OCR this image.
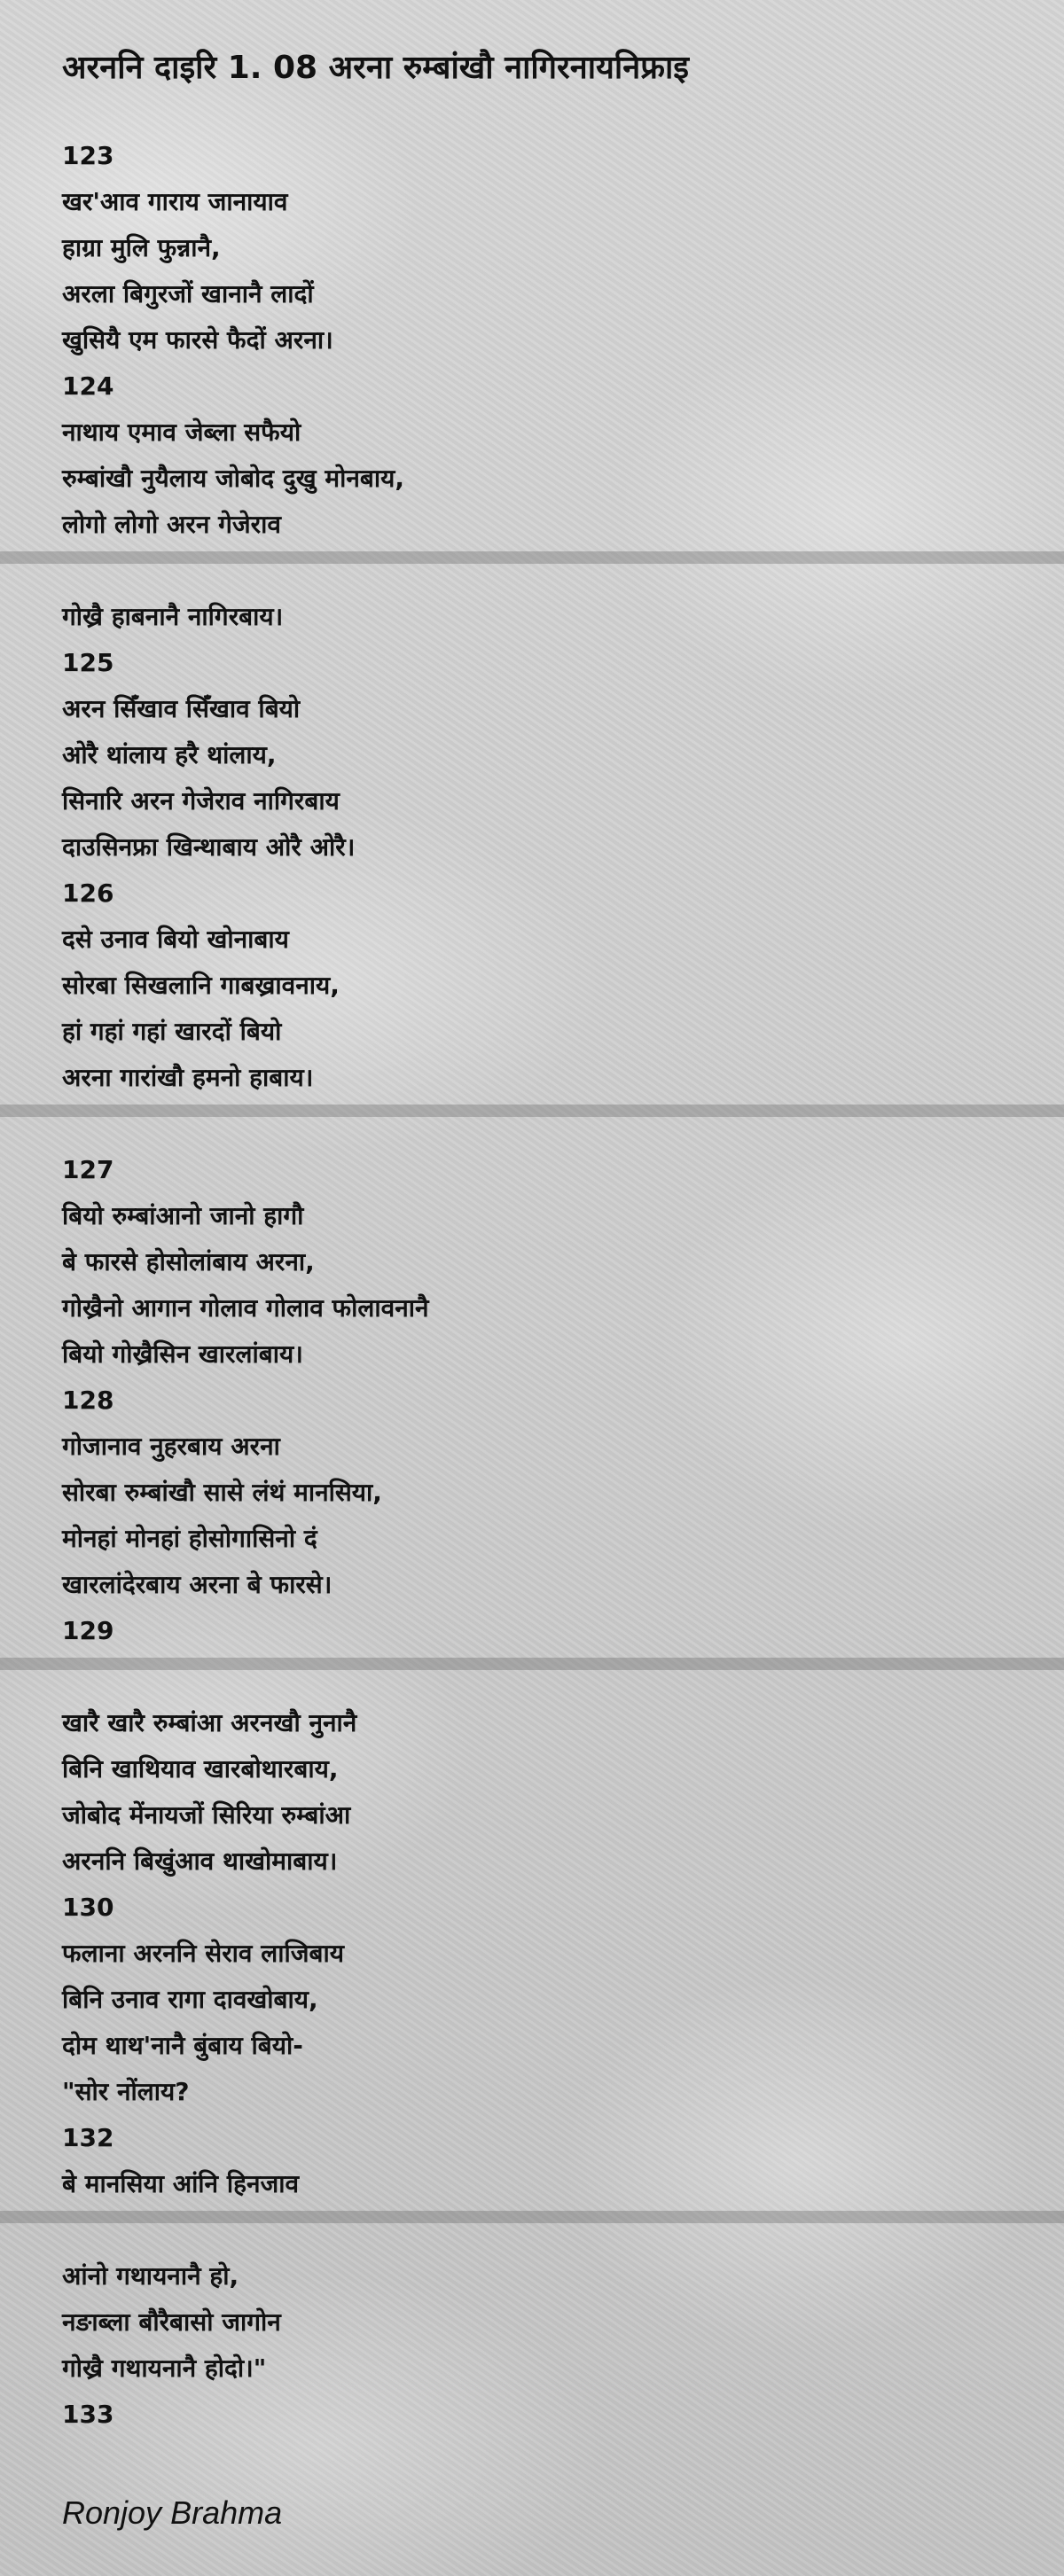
अरननि दाइरि 1. 08 अरना रुम्बांखौ नागिरनायनिफ्राइ
123
खर'आव गाराय जानायाव
हाग्रा मुलि फुन्नानै,
अरला बिगुरजों खानानै लादों
खुसियै एम फारसे फैदों अरना।
124
नाथाय एमाव जेब्ला सफैयो
रुम्बांखौ नुयैलाय जोबोद दुखु मोनबाय,
लोगो लोगो अरन गेजेराव
गोख्रै हाबनानै नागिरबाय।
125
अरन सिँखाव सिँखाव बियो
ओरै थांलाय हरै थांलाय,
सिनारि अरन गेजेराव नागिरबाय
दाउसिनफ्रा खिन्थाबाय ओरै ओरै।
126
दसे उनाव बियो खोनाबाय
सोरबा सिखलानि गाबख्रावनाय,
हां गहां गहां खारदों बियो
अरना गारांखौ हमनो हाबाय।
127
बियो रुम्बांआनो जानो हागौ
बे फारसे होसोलांबाय अरना,
गोख्रैनो आगान गोलाव गोलाव फोलावनानै
बियो गोख्रैसिन खारलांबाय।
128
गोजानाव नुहरबाय अरना
सोरबा रुम्बांखौ सासे लंथं मानसिया,
मोनहां मोनहां होसोगासिनो दं
खारलांदेरबाय अरना बे फारसे।
129
खारै खारै रुम्बांआ अरनखौ नुनानै
बिनि खाथियाव खारबोथारबाय,
जोबोद मेंनायजों सिरिया रुम्बांआ
अरननि बिखुंआव थाखोमाबाय।
130
फलाना अरननि सेराव लाजिबाय
बिनि उनाव रागा दावखोबाय,
दोम थाथ'नानै बुंबाय बियो-
"सोर नोंलाय?
132
बे मानसिया आंनि हिनजाव
आंनो गथायनानै हो,
नङाब्ला बौरैबासो जागोन
गोख्रै गथायनानै होदो।"
133
Ronjoy Brahma
